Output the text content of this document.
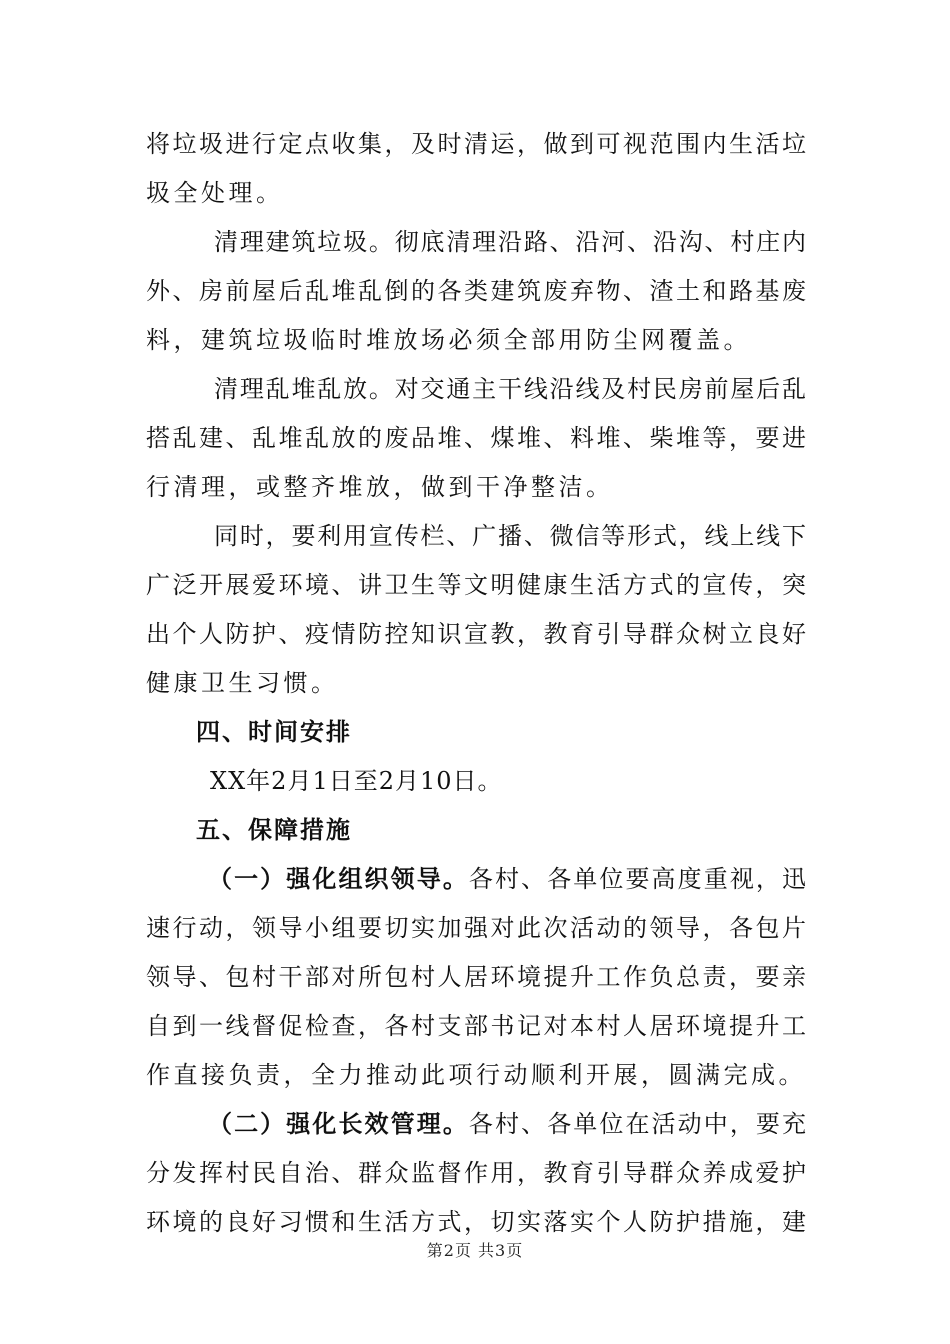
将垃圾进行定点收集，及时清运，做到可视范围内生活垃
圾全处理。
清理建筑垃圾。彻底清理沿路、沿河、沿沟、村庄内
外、房前屋后乱堆乱倒的各类建筑废弃物、渣土和路基废
料，建筑垃圾临时堆放场必须全部用防尘网覆盖。
清理乱堆乱放。对交通主干线沿线及村民房前屋后乱
搭乱建、乱堆乱放的废品堆、煤堆、料堆、柴堆等，要进
行清理，或整齐堆放，做到干净整洁。
同时，要利用宣传栏、广播、微信等形式，线上线下
广泛开展爱环境、讲卫生等文明健康生活方式的宣传，突
出个人防护、疫情防控知识宣教，教育引导群众树立良好
健康卫生习惯。
四、时间安排
XX年2月1日至2月10日。
五、保障措施
（一）强化组织领导。各村、各单位要高度重视，迅
速行动，领导小组要切实加强对此次活动的领导，各包片
领导、包村干部对所包村人居环境提升工作负总责，要亲
自到一线督促检查，各村支部书记对本村人居环境提升工
作直接负责，全力推动此项行动顺利开展，圆满完成。
（二）强化长效管理。各村、各单位在活动中，要充
分发挥村民自治、群众监督作用，教育引导群众养成爱护
环境的良好习惯和生活方式，切实落实个人防护措施，建
第2页 共3页
